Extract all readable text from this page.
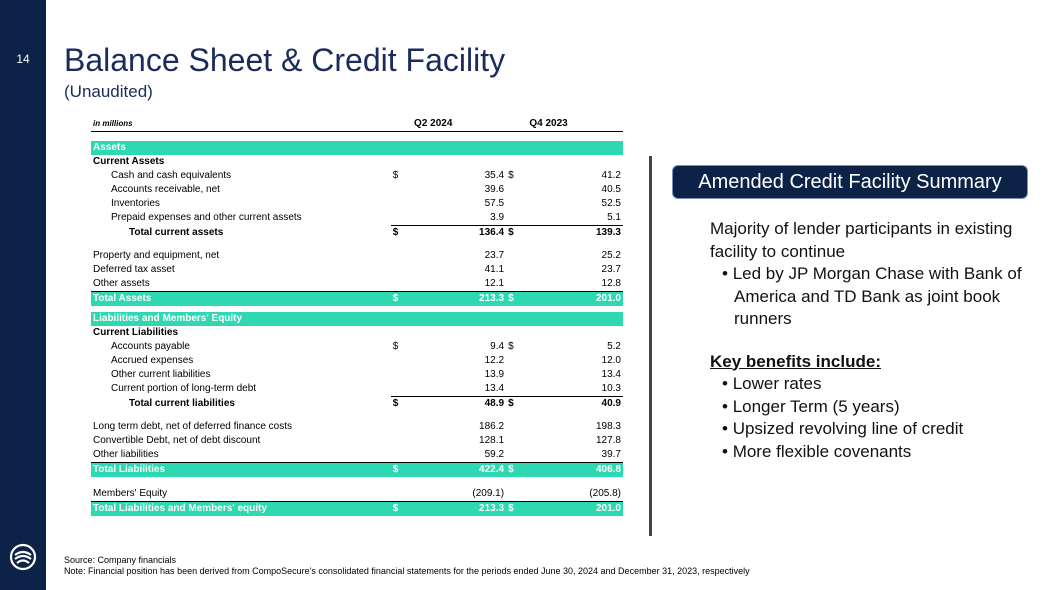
14	Balance Sheet & Credit Facility
(Unaudited)
in millions		Q2 2024		Q4 2023

Assets				
Current Assets				
Cash and cash equivalents	$	35.4	$	41.2
Accounts receivable, net		39.6		40.5
Inventories		57.5		52.5
Prepaid expenses and other current assets		3.9		5.1
Total current assets	$	136.4	$	139.3

Property and equipment, net		23.7		25.2
Deferred tax asset		41.1		23.7
Other assets		12.1		12.8
Total Assets	$	213.3	$	201.0

Liabilities and Members' Equity				
Current Liabilities				
Accounts payable	$	9.4	$	5.2
Accrued expenses		12.2		12.0
Other current liabilities		13.9		13.4
Current portion of long-term debt		13.4		10.3
Total current liabilities	$	48.9	$	40.9

Long term debt, net of deferred finance costs		186.2		198.3
Convertible Debt, net of debt discount		128.1		127.8
Other liabilities		59.2		39.7
Total Liabilities	$	422.4	$	406.8

Members' Equity		(209.1)		(205.8)
Total Liabilities and Members' equity	$	213.3	$	201.0
Amended Credit Facility Summary

Majority of lender participants in existing facility to continue

• Led by JP Morgan Chase with Bank of America and TD Bank as joint book runners

Key benefits include:

• Lower rates
• Longer Term (5 years)
• Upsized revolving line of credit
• More flexible covenants
Source: Company financials
Note: Financial position has been derived from CompoSecure's consolidated financial statements for the periods ended June 30, 2024 and December 31, 2023, respectively
